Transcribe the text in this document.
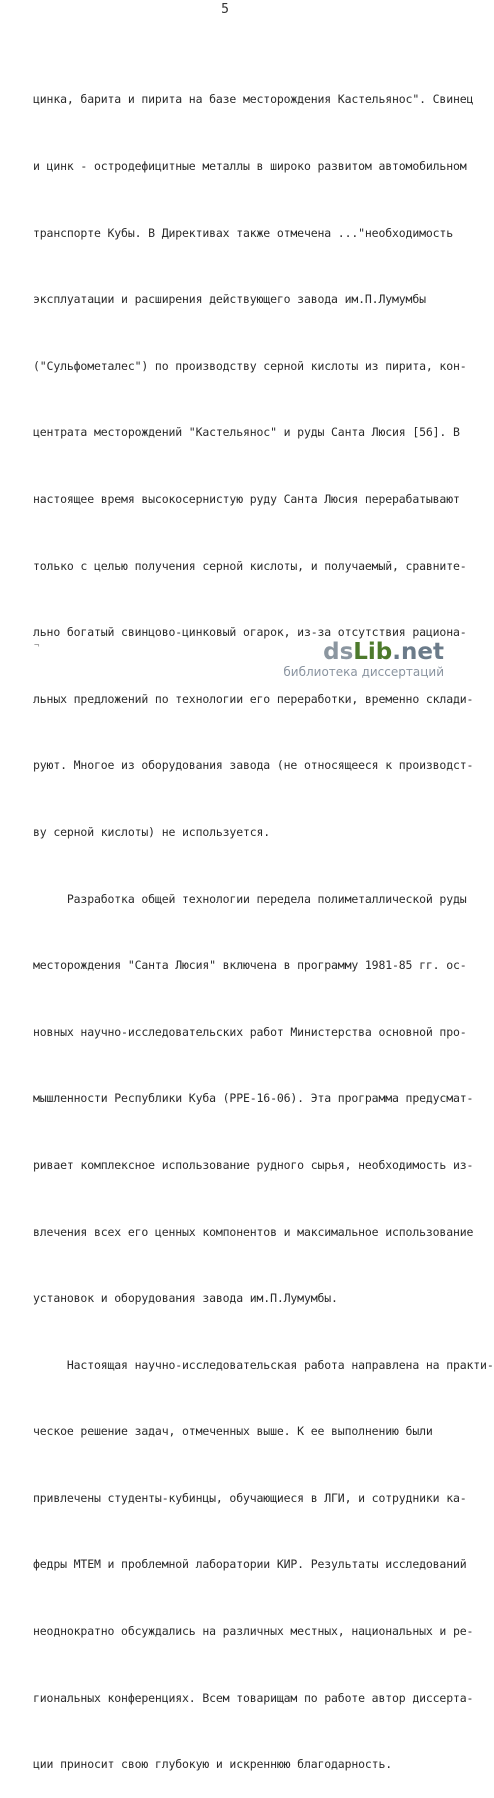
5

цинка, барита и пирита на базе месторождения Кастельянос". Свинец

и цинк - остродефицитные металлы в широко развитом автомобильном

транспорте Кубы. В Директивах также отмечена ..."необходимость

эксплуатации и расширения действующего завода им.П.Лумумбы

("Сульфометалес") по производству серной кислоты из пирита, кон-

центрата месторождений "Кастельянос" и руды Санта Люсия [56]. В

настоящее время высокосернистую руду Санта Люсия перерабатывают

только с целью получения серной кислоты, и получаемый, сравните-

льно богатый свинцово-цинковый огарок, из-за отсутствия рациона-

льных предложений по технологии его переработки, временно склади-

руют. Многое из оборудования завода (не относящееся к производст-

ву серной кислоты) не используется.

Разработка общей технологии передела полиметаллической руды

месторождения "Санта Люсия" включена в программу 1981-85 гг. ос-

новных научно-исследовательских работ Министерства основной про-

мышленности Республики Куба (PPE-16-06). Эта программа предусмат-

ривает комплексное использование рудного сырья, необходимость из-

влечения всех его ценных компонентов и максимальное использование

установок и оборудования завода им.П.Лумумбы.

Настоящая научно-исследовательская работа направлена на практи-

ческое решение задач, отмеченных выше. К ее выполнению были

привлечены студенты-кубинцы, обучающиеся в ЛГИ, и сотрудники ка-

федры МТЕМ и проблемной лаборатории КИР. Результаты исследований

неоднократно обсуждались на различных местных, национальных и ре-

гиональных конференциях. Всем товарищам по работе автор диссерта-

ции приносит свою глубокую и искреннюю благодарность.

¬	dsLib.net
библиотека диссертаций
